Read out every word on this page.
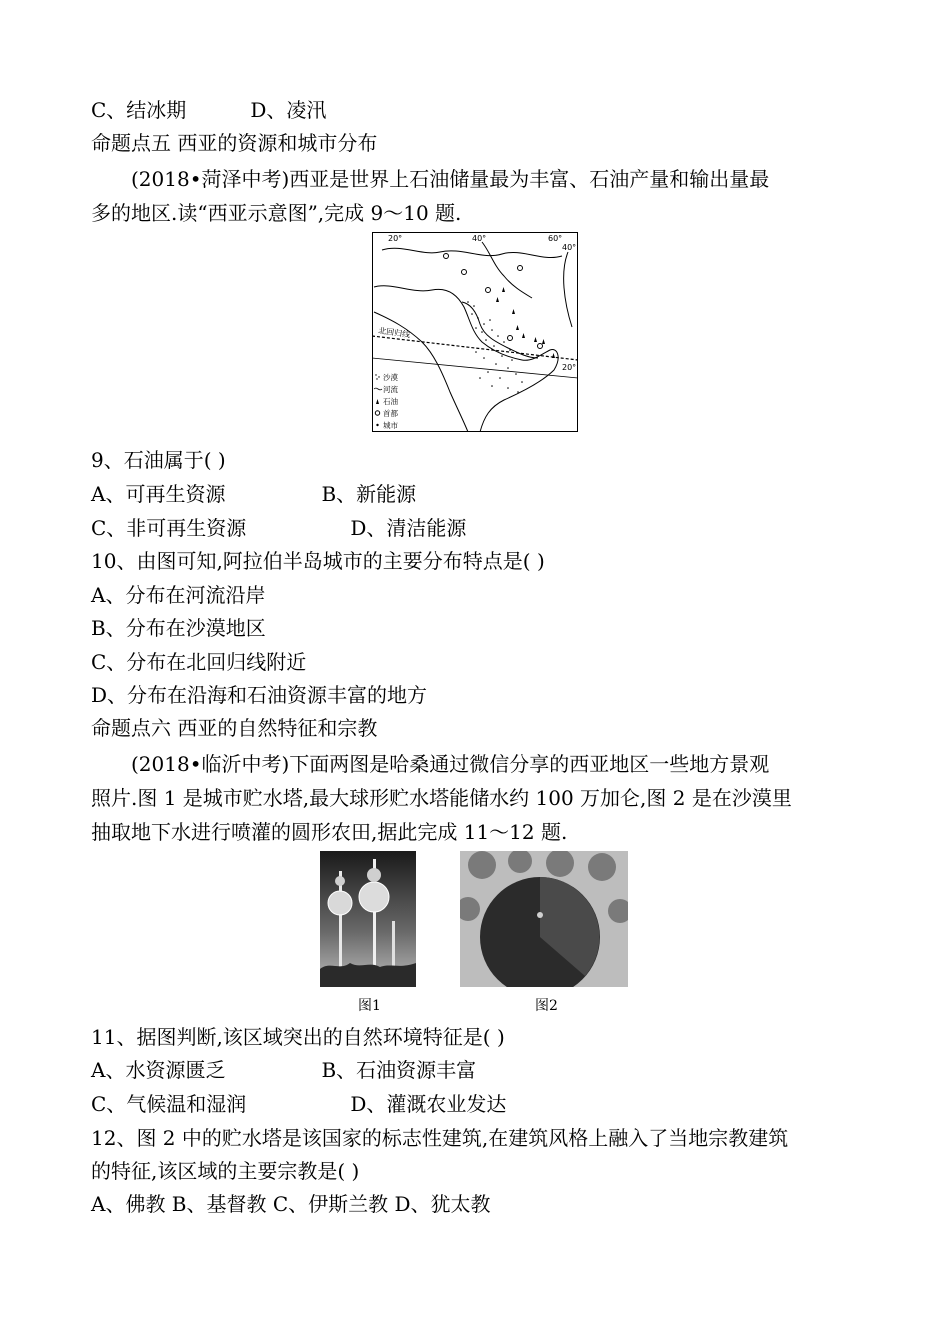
C、结冰期	D、凌汛
命题点五 西亚的资源和城市分布
(2018•菏泽中考)西亚是世界上石油储量最为丰富、石油产量和输出量最
多的地区.读“西亚示意图”,完成 9～10 题.
北回归线
20°	40°	60°
40°
20°
沙漠
河流
石油
首都
城市
9、石油属于( )
A、可再生资源	B、新能源
C、非可再生资源	D、清洁能源
10、由图可知,阿拉伯半岛城市的主要分布特点是( )
A、分布在河流沿岸
B、分布在沙漠地区
C、分布在北回归线附近
D、分布在沿海和石油资源丰富的地方
命题点六 西亚的自然特征和宗教
(2018•临沂中考)下面两图是哈桑通过微信分享的西亚地区一些地方景观
照片.图 1 是城市贮水塔,最大球形贮水塔能储水约 100 万加仑,图 2 是在沙漠里
抽取地下水进行喷灌的圆形农田,据此完成 11～12 题.
图1	图2
11、据图判断,该区域突出的自然环境特征是( )
A、水资源匮乏	B、石油资源丰富
C、气候温和湿润	D、灌溉农业发达
12、图 2 中的贮水塔是该国家的标志性建筑,在建筑风格上融入了当地宗教建筑
的特征,该区域的主要宗教是( )
A、佛教 B、基督教 C、伊斯兰教 D、犹太教
